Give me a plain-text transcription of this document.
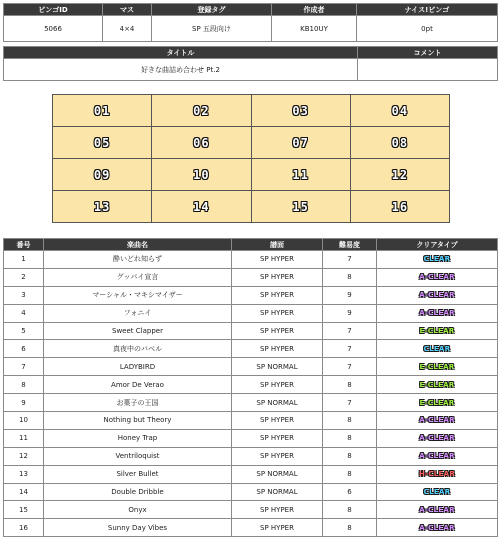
ビンゴID	マス	登録タグ	作成者	ナイス!ビンゴ
5066	4×4	SP 五段向け	KB10UY	0pt
タイトル	コメント
好きな曲詰め合わせ Pt.2	
01	02	03	04
05	06	07	08
09	10	11	12
13	14	15	16
番号	楽曲名	譜面	難易度	クリアタイプ
1	酔いどれ知らず	SP HYPER	7	CLEAR
2	グッバイ宣言	SP HYPER	8	A-CLEAR
3	マーシャル・マキシマイザー	SP HYPER	9	A-CLEAR
4	フォニイ	SP HYPER	9	A-CLEAR
5	Sweet Clapper	SP HYPER	7	E-CLEAR
6	真夜中のバベル	SP HYPER	7	CLEAR
7	LADYBIRD	SP NORMAL	7	E-CLEAR
8	Amor De Verao	SP HYPER	8	E-CLEAR
9	お菓子の王国	SP NORMAL	7	E-CLEAR
10	Nothing but Theory	SP HYPER	8	A-CLEAR
11	Honey Trap	SP HYPER	8	A-CLEAR
12	Ventriloquist	SP HYPER	8	A-CLEAR
13	Silver Bullet	SP NORMAL	8	H-CLEAR
14	Double Dribble	SP NORMAL	6	CLEAR
15	Onyx	SP HYPER	8	A-CLEAR
16	Sunny Day Vibes	SP HYPER	8	A-CLEAR
